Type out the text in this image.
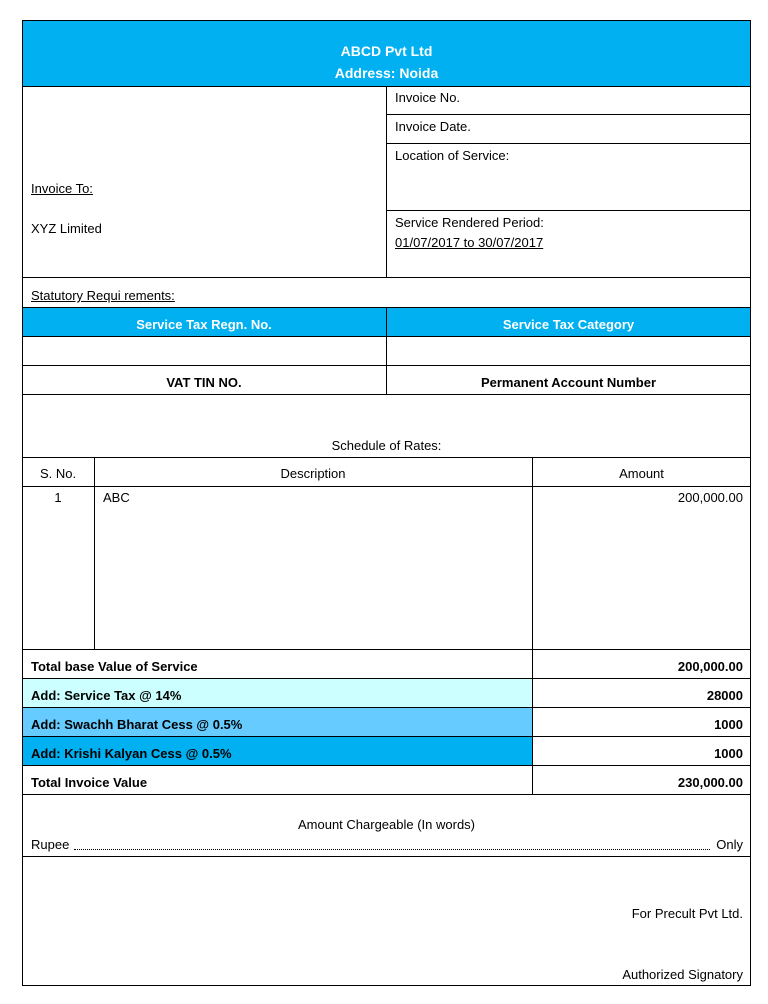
ABCD Pvt Ltd
Address: Noida
Invoice To:
XYZ Limited
Invoice No.
Invoice Date.
Location of Service:
Service Rendered Period:
01/07/2017 to 30/07/2017
Statutory Requi rements:
Service Tax Regn. No.	Service Tax Category
VAT TIN NO.	Permanent Account Number
Schedule of Rates:
S. No.	Description	Amount
1	ABC	200,000.00
Total base Value of Service	200,000.00
Add: Service Tax @ 14%	28000
Add: Swachh Bharat Cess @ 0.5%	1000
Add: Krishi Kalyan Cess @ 0.5%	1000
Total Invoice Value	230,000.00
Amount Chargeable (In words)
Rupee	Only
For Precult Pvt Ltd.
Authorized Signatory
